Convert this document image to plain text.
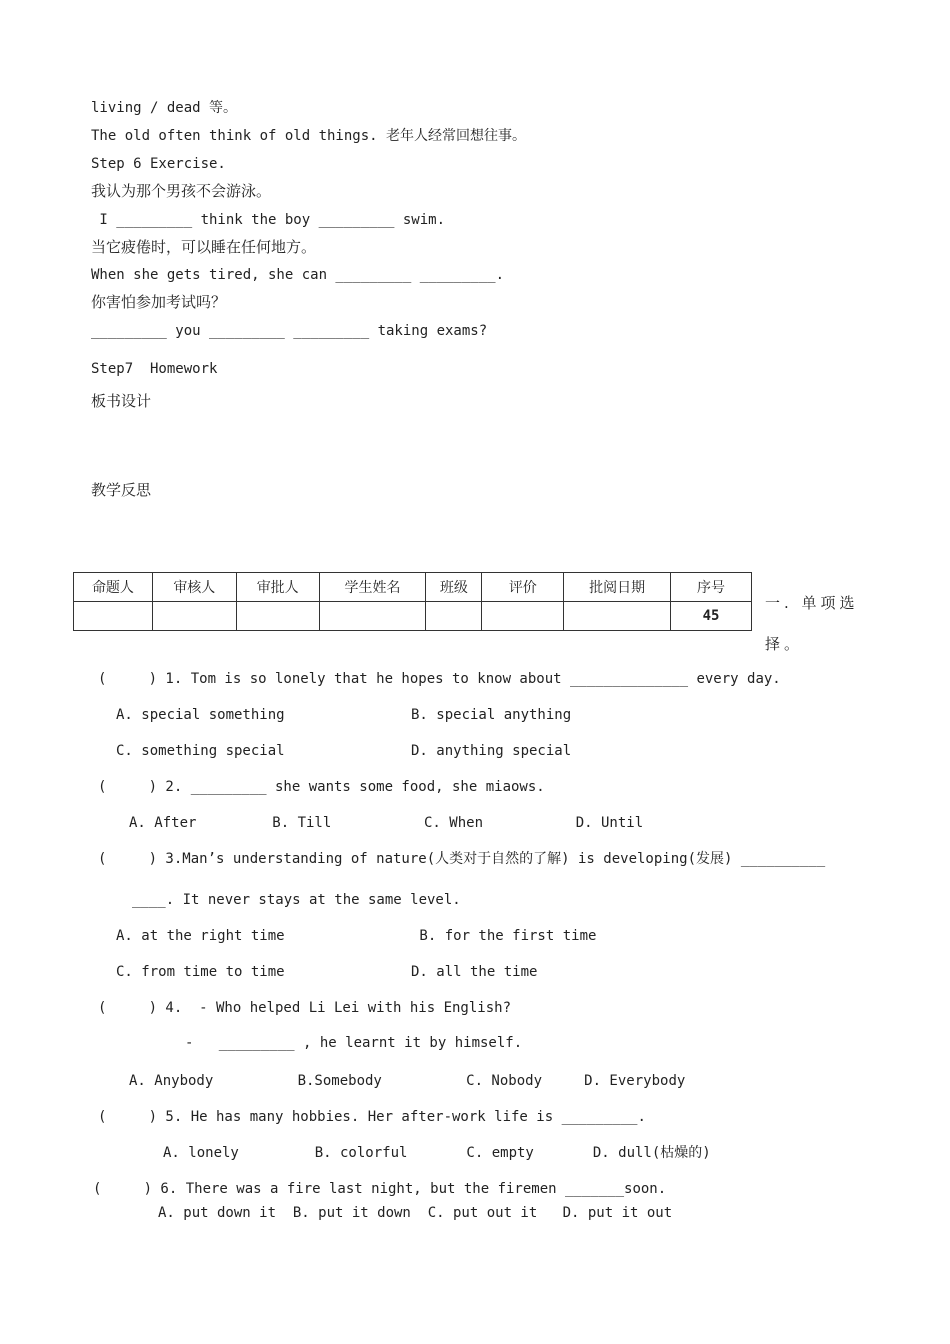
living / dead 等。
The old often think of old things. 老年人经常回想往事。
Step 6 Exercise.
我认为那个男孩不会游泳。
I _________ think the boy _________ swim.
当它疲倦时，可以睡在任何地方。
When she gets tired, she can _________ _________.
你害怕参加考试吗？
_________ you _________ _________ taking exams?
Step7  Homework
板书设计
教学反思
命题人	审核人	审批人	学生姓名	班级	评价	批阅日期	序号
							45
一. 单项选
择。
(     ) 1. Tom is so lonely that he hopes to know about ______________ every day.
A. special something               B. special anything
C. something special               D. anything special
(     ) 2. _________ she wants some food, she miaows.
A. After         B. Till           C. When           D. Until
(     ) 3.Man’s understanding of nature(人类对于自然的了解) is developing(发展) __________
____. It never stays at the same level.
A. at the right time                B. for the first time
C. from time to time               D. all the time
(     ) 4.  - Who helped Li Lei with his English?
-   _________ , he learnt it by himself.
A. Anybody          B.Somebody          C. Nobody     D. Everybody
(     ) 5. He has many hobbies. Her after-work life is _________.
A. lonely         B. colorful       C. empty       D. dull(枯燥的)
(     ) 6. There was a fire last night, but the firemen _______soon.
A. put down it  B. put it down  C. put out it   D. put it out
